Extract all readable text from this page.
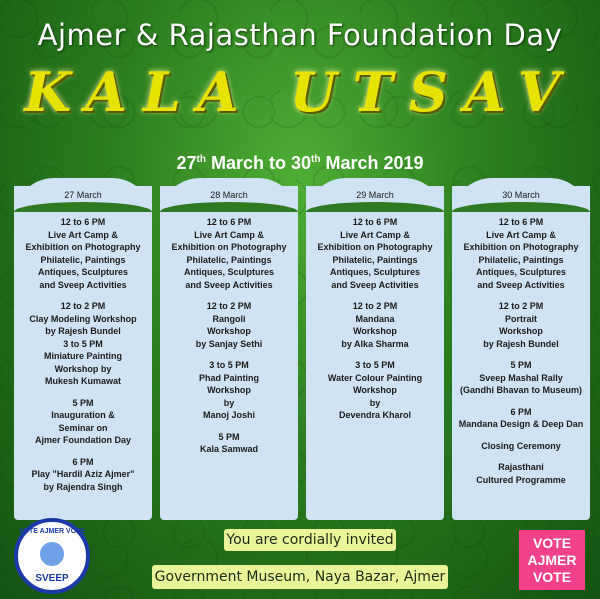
Ajmer & Rajasthan Foundation Day
KALA UTSAV
27th March to 30th March 2019
27 March
12 to 6 PM
Live Art Camp &
Exhibition on Photography
Philatelic, Paintings
Antiques, Sculptures
and Sveep Activities
12 to 2 PM
Clay Modeling Workshop
by Rajesh Bundel
3 to 5 PM
Miniature Painting
Workshop by
Mukesh Kumawat
5 PM
Inauguration &
Seminar on
Ajmer Foundation Day
6 PM
Play "Hardil Aziz Ajmer"
by Rajendra Singh
28 March
12 to 6 PM
Live Art Camp &
Exhibition on Photography
Philatelic, Paintings
Antiques, Sculptures
and Sveep Activities
12 to 2 PM
Rangoli
Workshop
by Sanjay Sethi
3 to 5 PM
Phad Painting
Workshop
by
Manoj Joshi
5 PM
Kala Samwad
29 March
12 to 6 PM
Live Art Camp &
Exhibition on Photography
Philatelic, Paintings
Antiques, Sculptures
and Sveep Activities
12 to 2 PM
Mandana
Workshop
by Alka Sharma
3 to 5 PM
Water Colour Painting
Workshop
by
Devendra Kharol
30 March
12 to 6 PM
Live Art Camp &
Exhibition on Photography
Philatelic, Paintings
Antiques, Sculptures
and Sveep Activities
12 to 2 PM
Portrait
Workshop
by Rajesh Bundel
5 PM
Sveep Mashal Rally
(Gandhi Bhavan to Museum)
6 PM
Mandana Design & Deep Dan
Closing Ceremony
Rajasthani
Cultured Programme
VOTE AJMER VOTE
SVEEP
You are cordially invited
Government Museum, Naya Bazar, Ajmer
VOTE
AJMER
VOTE
